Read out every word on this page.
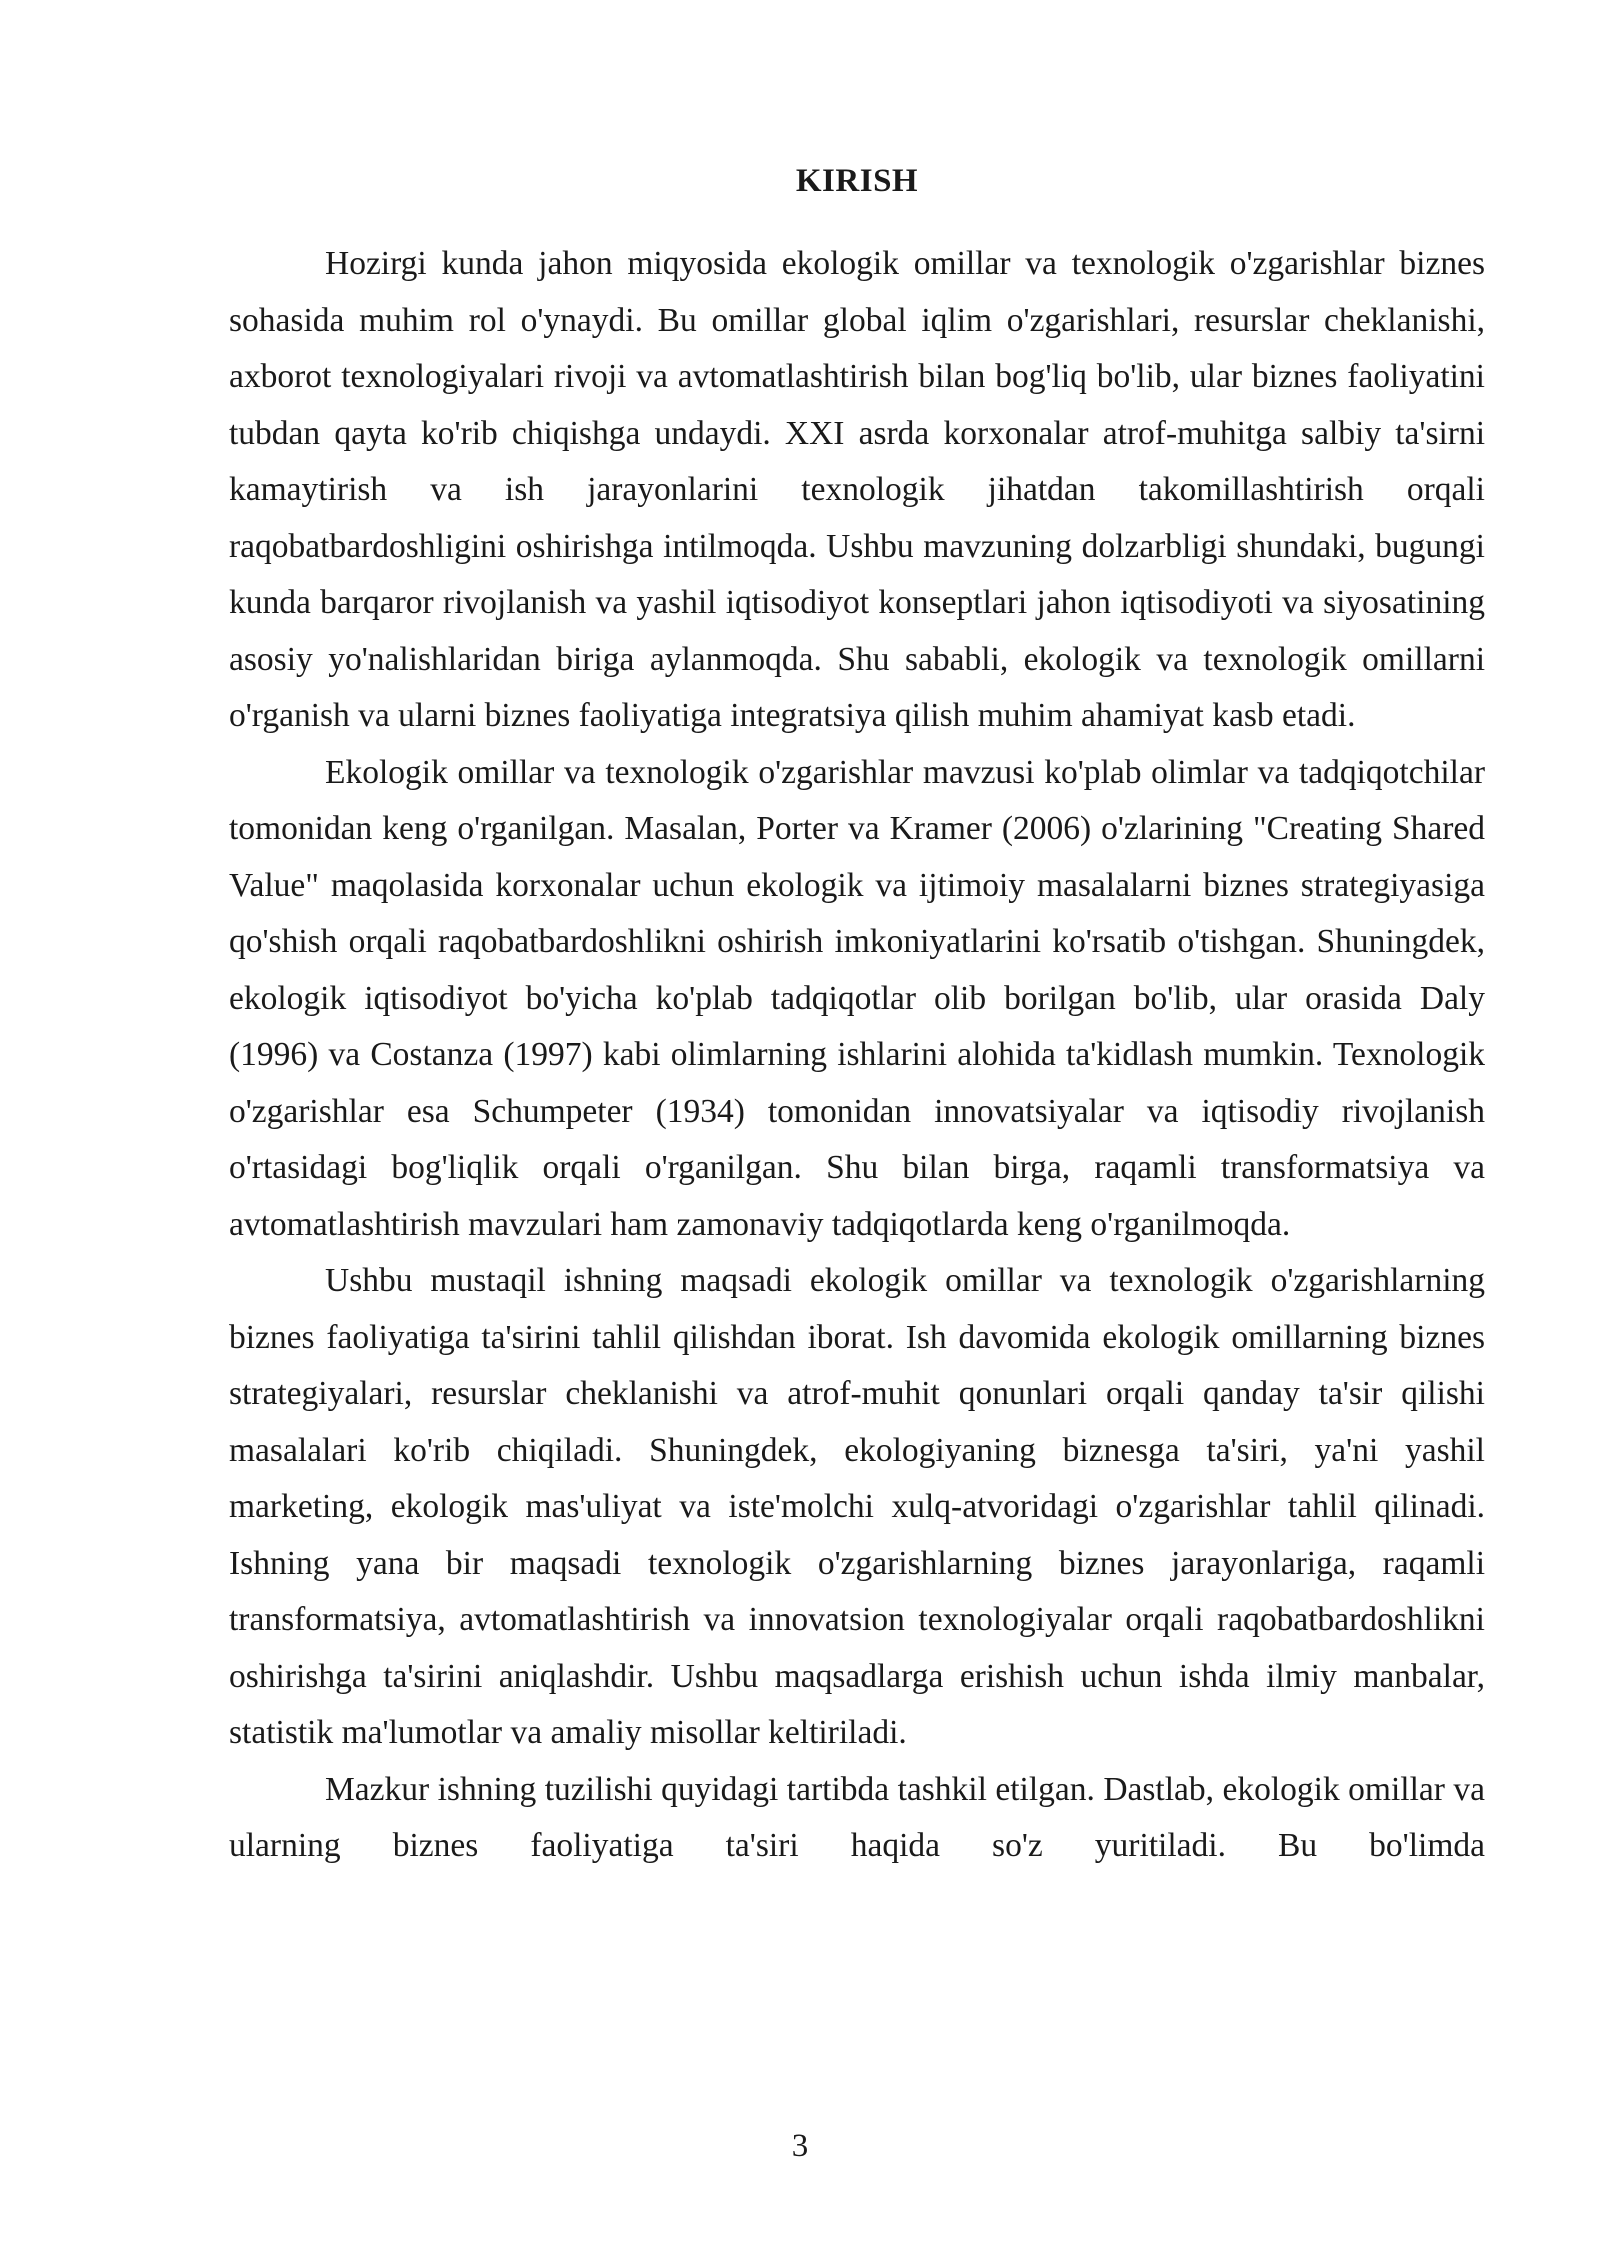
KIRISH

Hozirgi kunda jahon miqyosida ekologik omillar va texnologik o'zgarishlar biznes sohasida muhim rol o'ynaydi. Bu omillar global iqlim o'zgarishlari, resurslar cheklanishi, axborot texnologiyalari rivoji va avtomatlashtirish bilan bog'liq bo'lib, ular biznes faoliyatini tubdan qayta ko'rib chiqishga undaydi. XXI asrda korxonalar atrof-muhitga salbiy ta'sirni kamaytirish va ish jarayonlarini texnologik jihatdan takomillashtirish orqali raqobatbardoshligini oshirishga intilmoqda. Ushbu mavzuning dolzarbligi shundaki, bugungi kunda barqaror rivojlanish va yashil iqtisodiyot konseptlari jahon iqtisodiyoti va siyosatining asosiy yo'nalishlaridan biriga aylanmoqda. Shu sababli, ekologik va texnologik omillarni o'rganish va ularni biznes faoliyatiga integratsiya qilish muhim ahamiyat kasb etadi.

Ekologik omillar va texnologik o'zgarishlar mavzusi ko'plab olimlar va tadqiqotchilar tomonidan keng o'rganilgan. Masalan, Porter va Kramer (2006) o'zlarining "Creating Shared Value" maqolasida korxonalar uchun ekologik va ijtimoiy masalalarni biznes strategiyasiga qo'shish orqali raqobatbardoshlikni oshirish imkoniyatlarini ko'rsatib o'tishgan. Shuningdek, ekologik iqtisodiyot bo'yicha ko'plab tadqiqotlar olib borilgan bo'lib, ular orasida Daly (1996) va Costanza (1997) kabi olimlarning ishlarini alohida ta'kidlash mumkin. Texnologik o'zgarishlar esa Schumpeter (1934) tomonidan innovatsiyalar va iqtisodiy rivojlanish o'rtasidagi bog'liqlik orqali o'rganilgan. Shu bilan birga, raqamli transformatsiya va avtomatlashtirish mavzulari ham zamonaviy tadqiqotlarda keng o'rganilmoqda.

Ushbu mustaqil ishning maqsadi ekologik omillar va texnologik o'zgarishlarning biznes faoliyatiga ta'sirini tahlil qilishdan iborat. Ish davomida ekologik omillarning biznes strategiyalari, resurslar cheklanishi va atrof-muhit qonunlari orqali qanday ta'sir qilishi masalalari ko'rib chiqiladi. Shuningdek, ekologiyaning biznesga ta'siri, ya'ni yashil marketing, ekologik mas'uliyat va iste'molchi xulq-atvoridagi o'zgarishlar tahlil qilinadi. Ishning yana bir maqsadi texnologik o'zgarishlarning biznes jarayonlariga, raqamli transformatsiya, avtomatlashtirish va innovatsion texnologiyalar orqali raqobatbardoshlikni oshirishga ta'sirini aniqlashdir. Ushbu maqsadlarga erishish uchun ishda ilmiy manbalar, statistik ma'lumotlar va amaliy misollar keltiriladi.

Mazkur ishning tuzilishi quyidagi tartibda tashkil etilgan. Dastlab, ekologik omillar va ularning biznes faoliyatiga ta'siri haqida so'z yuritiladi. Bu bo'limda

3
